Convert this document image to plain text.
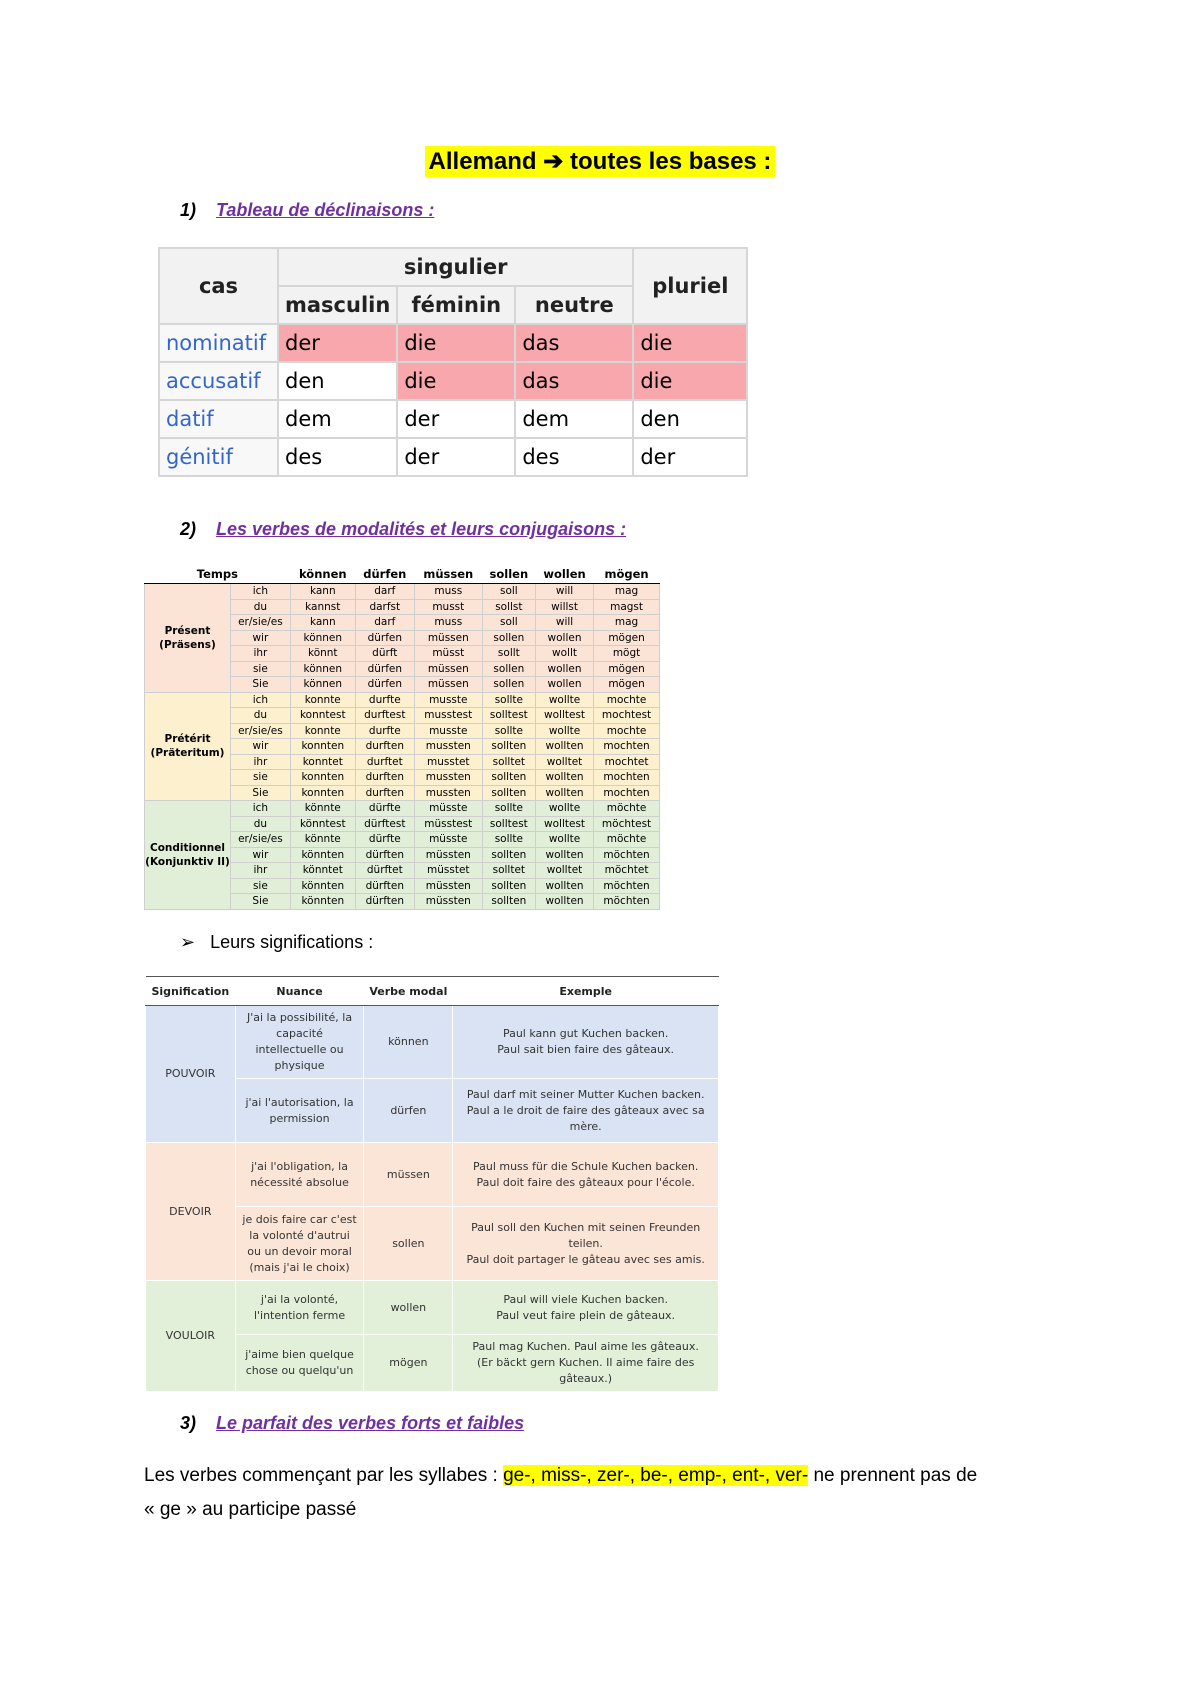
Allemand ➔ toutes les bases :
1) Tableau de déclinaisons :
cas	singulier			pluriel
	masculin	féminin	neutre	
nominatif	der	die	das	die
accusatif	den	die	das	die
datif	dem	der	dem	den
génitif	des	der	des	der
2) Les verbes de modalités et leurs conjugaisons :
Temps		können	dürfen	müssen	sollen	wollen	mögen

Présent
(Präsens)	ich	kann	darf	muss	soll	will	mag
	du	kannst	darfst	musst	sollst	willst	magst
	er/sie/es	kann	darf	muss	soll	will	mag
	wir	können	dürfen	müssen	sollen	wollen	mögen
	ihr	könnt	dürft	müsst	sollt	wollt	mögt
	sie	können	dürfen	müssen	sollen	wollen	mögen
	Sie	können	dürfen	müssen	sollen	wollen	mögen

Prétérit
(Präteritum)	ich	konnte	durfte	musste	sollte	wollte	mochte
	du	konntest	durftest	musstest	solltest	wolltest	mochtest
	er/sie/es	konnte	durfte	musste	sollte	wollte	mochte
	wir	konnten	durften	mussten	sollten	wollten	mochten
	ihr	konntet	durftet	musstet	solltet	wolltet	mochtet
	sie	konnten	durften	mussten	sollten	wollten	mochten
	Sie	konnten	durften	mussten	sollten	wollten	mochten

Conditionnel
(Konjunktiv II)	ich	könnte	dürfte	müsste	sollte	wollte	möchte
	du	könntest	dürftest	müsstest	solltest	wolltest	möchtest
	er/sie/es	könnte	dürfte	müsste	sollte	wollte	möchte
	wir	könnten	dürften	müssten	sollten	wollten	möchten
	ihr	könntet	dürftet	müsstet	solltet	wolltet	möchtet
	sie	könnten	dürften	müssten	sollten	wollten	möchten
	Sie	könnten	dürften	müssten	sollten	wollten	möchten
➢ Leurs significations :
Signification	Nuance	Verbe modal	Exemple
POUVOIR	J'ai la possibilité, la capacité intellectuelle ou physique	können	Paul kann gut Kuchen backen.
Paul sait bien faire des gâteaux.

	j'ai l'autorisation, la permission	dürfen	Paul darf mit seiner Mutter Kuchen backen.
Paul a le droit de faire des gâteaux avec sa mère.

DEVOIR	j'ai l'obligation, la nécessité absolue	müssen	Paul muss für die Schule Kuchen backen.
Paul doit faire des gâteaux pour l'école.

	je dois faire car c'est la volonté d'autrui ou un devoir moral (mais j'ai le choix)	sollen	Paul soll den Kuchen mit seinen Freunden teilen.
Paul doit partager le gâteau avec ses amis.

VOULOIR	j'ai la volonté, l'intention ferme	wollen	Paul will viele Kuchen backen.
Paul veut faire plein de gâteaux.

	j'aime bien quelque chose ou quelqu'un	mögen	Paul mag Kuchen. Paul aime les gâteaux.
(Er bäckt gern Kuchen. Il aime faire des gâteaux.)
3) Le parfait des verbes forts et faibles
Les verbes commençant par les syllabes : ge-, miss-, zer-, be-, emp-, ent-, ver- ne prennent pas de
« ge » au participe passé
